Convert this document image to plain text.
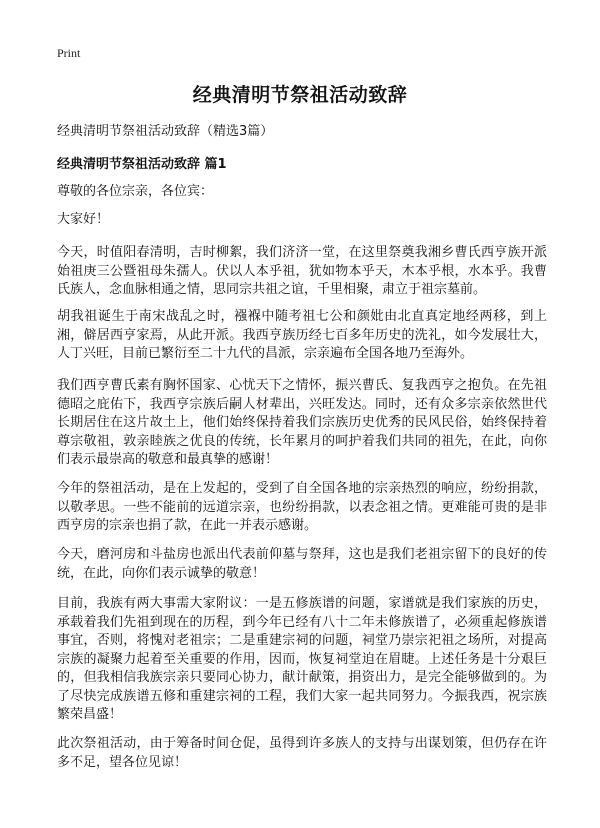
Print
经典清明节祭祖活动致辞
经典清明节祭祖活动致辞（精选3篇）
经典清明节祭祖活动致辞 篇1

尊敬的各位宗亲，各位宾：

大家好！

今天，时值阳春清明，吉时柳絮，我们济济一堂，在这里祭奠我湘乡曹氏西亨族开派始祖庚三公暨祖母朱孺人。伏以人本乎祖，犹如物本乎天，木本乎根，水本乎。我曹氏族人，念血脉相通之情，思同宗共祖之谊，千里相聚，肃立于祖宗墓前。

胡我祖诞生于南宋战乱之时，襁褓中随考祖七公和颜妣由北直真定地经两移，到上湘，僻居西亨家焉，从此开派。我西亨族历经七百多年历史的洗礼，如今发展壮大，人丁兴旺，目前已繁衍至二十九代的昌派，宗亲遍布全国各地乃至海外。

我们西亨曹氏素有胸怀国家、心忧天下之情怀，振兴曹氏、复我西亨之抱负。在先祖德昭之庇佑下，我西亨宗族后嗣人材辈出，兴旺发达。同时，还有众多宗亲依然世代长期居住在这片故土上，他们始终保持着我们宗族历史优秀的民风民俗，始终保持着尊宗敬祖，敦亲睦族之优良的传统，长年累月的呵护着我们共同的祖先，在此，向你们表示最崇高的敬意和最真挚的感谢！

今年的祭祖活动，是在上发起的，受到了自全国各地的宗亲热烈的响应，纷纷捐款，以敬孝思。一些不能前的远道宗亲，也纷纷捐款，以表念祖之情。更难能可贵的是非西亨房的宗亲也捐了款，在此一并表示感谢。

今天，磨河房和斗盐房也派出代表前仰墓与祭拜，这也是我们老祖宗留下的良好的传统，在此，向你们表示诚挚的敬意！

目前，我族有两大事需大家附议：一是五修族谱的问题，家谱就是我们家族的历史，承载着我们先祖到现在的历程，到今年已经有八十二年未修族谱了，必须重起修族谱事宜，否则，将愧对老祖宗；二是重建宗祠的问题，祠堂乃崇宗祀祖之场所，对提高宗族的凝聚力起着至关重要的作用，因而，恢复祠堂迫在眉睫。上述任务是十分艰巨的，但我相信我族宗亲只要同心协力，献计献策，捐资出力，是完全能够做到的。为了尽快完成族谱五修和重建宗祠的工程，我们大家一起共同努力。今振我西，祝宗族繁荣昌盛！

此次祭祖活动，由于筹备时间仓促，虽得到许多族人的支持与出谋划策，但仍存在许多不足，望各位见谅！
